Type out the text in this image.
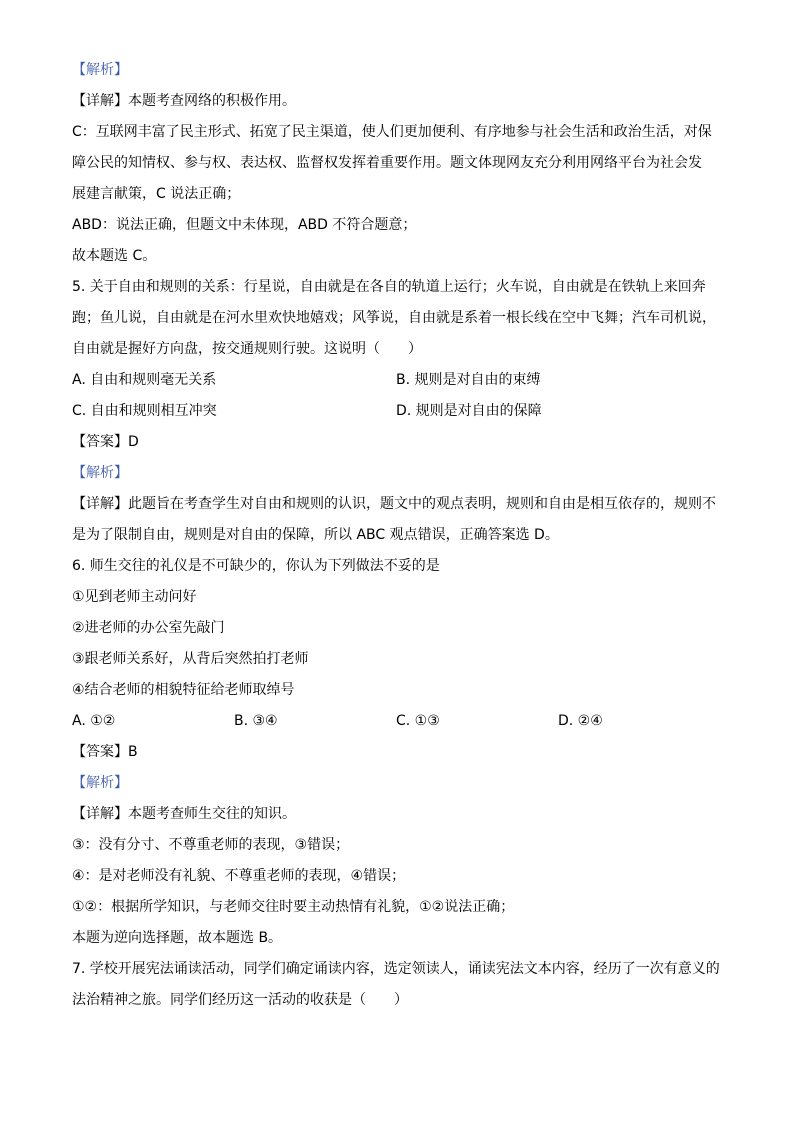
【解析】

【详解】本题考查网络的积极作用。

C：互联网丰富了民主形式、拓宽了民主渠道，使人们更加便利、有序地参与社会生活和政治生活，对保

障公民的知情权、参与权、表达权、监督权发挥着重要作用。题文体现网友充分利用网络平台为社会发

展建言献策，C 说法正确；

ABD：说法正确，但题文中未体现，ABD 不符合题意；

故本题选 C。

5. 关于自由和规则的关系：行星说，自由就是在各自的轨道上运行；火车说，自由就是在铁轨上来回奔

跑；鱼儿说，自由就是在河水里欢快地嬉戏；风筝说，自由就是系着一根长线在空中飞舞；汽车司机说，

自由就是握好方向盘，按交通规则行驶。这说明（　　）

A. 自由和规则毫无关系	B. 规则是对自由的束缚
C. 自由和规则相互冲突	D. 规则是对自由的保障

【答案】D

【解析】

【详解】此题旨在考查学生对自由和规则的认识，题文中的观点表明，规则和自由是相互依存的，规则不

是为了限制自由，规则是对自由的保障，所以 ABC 观点错误，正确答案选 D。

6. 师生交往的礼仪是不可缺少的，你认为下列做法不妥的是

①见到老师主动问好

②进老师的办公室先敲门

③跟老师关系好，从背后突然拍打老师

④结合老师的相貌特征给老师取绰号

A. ①②	B. ③④	C. ①③	D. ②④

【答案】B

【解析】

【详解】本题考查师生交往的知识。

③：没有分寸、不尊重老师的表现，③错误；

④：是对老师没有礼貌、不尊重老师的表现，④错误；

①②：根据所学知识，与老师交往时要主动热情有礼貌，①②说法正确；

本题为逆向选择题，故本题选 B。

7. 学校开展宪法诵读活动，同学们确定诵读内容，选定领读人，诵读宪法文本内容，经历了一次有意义的

法治精神之旅。同学们经历这一活动的收获是（　　）
